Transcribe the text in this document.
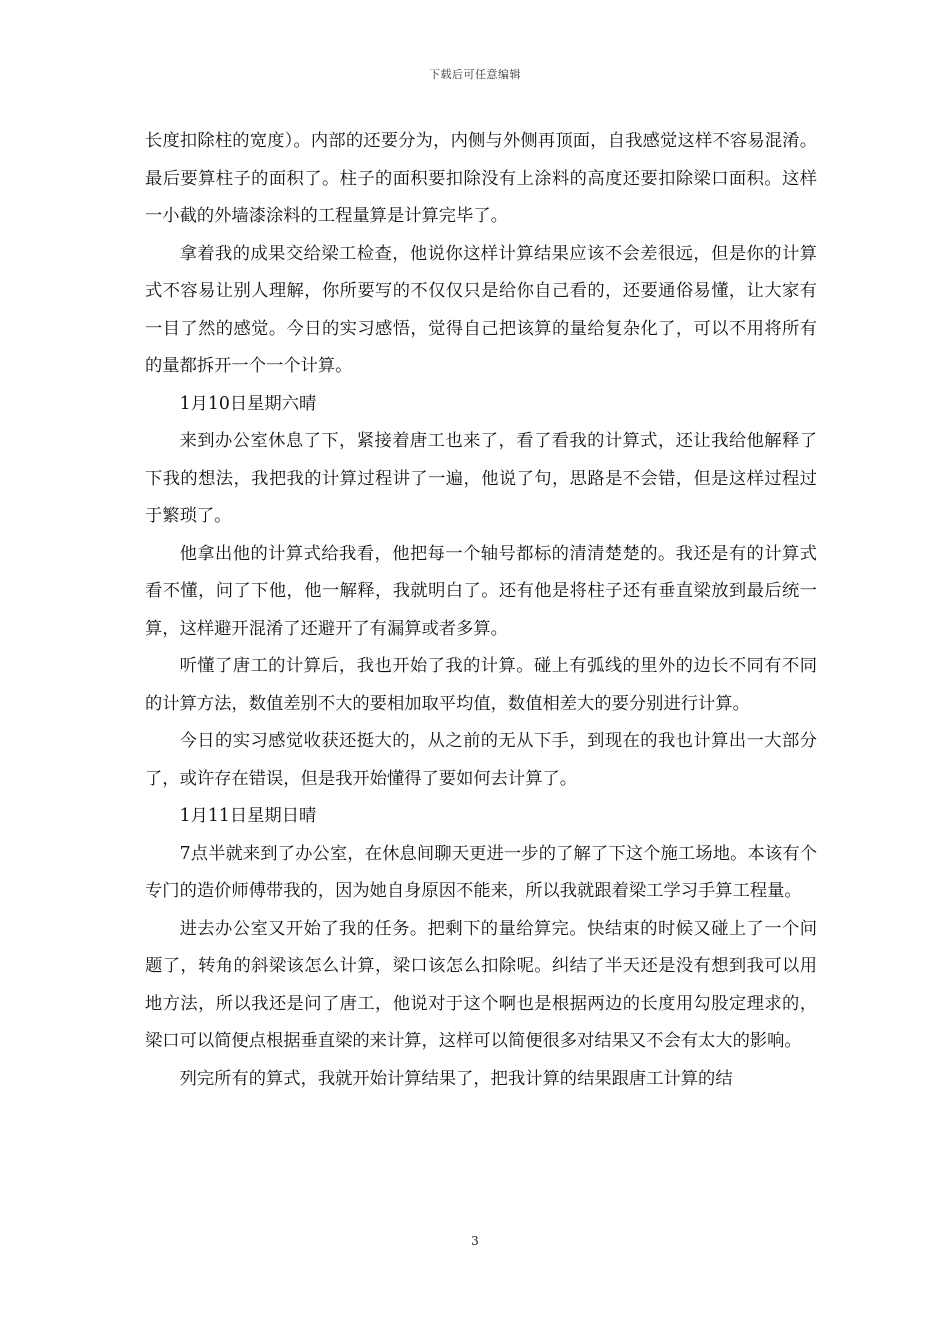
下载后可任意编辑

长度扣除柱的宽度）。内部的还要分为，内侧与外侧再顶面，自我感觉这样不容易混淆。最后要算柱子的面积了。柱子的面积要扣除没有上涂料的高度还要扣除梁口面积。这样一小截的外墙漆涂料的工程量算是计算完毕了。

拿着我的成果交给梁工检查，他说你这样计算结果应该不会差很远，但是你的计算式不容易让别人理解，你所要写的不仅仅只是给你自己看的，还要通俗易懂，让大家有一目了然的感觉。今日的实习感悟，觉得自己把该算的量给复杂化了，可以不用将所有的量都拆开一个一个计算。

1月10日星期六晴

来到办公室休息了下，紧接着唐工也来了，看了看我的计算式，还让我给他解释了下我的想法，我把我的计算过程讲了一遍，他说了句，思路是不会错，但是这样过程过于繁琐了。

他拿出他的计算式给我看，他把每一个轴号都标的清清楚楚的。我还是有的计算式看不懂，问了下他，他一解释，我就明白了。还有他是将柱子还有垂直梁放到最后统一算，这样避开混淆了还避开了有漏算或者多算。

听懂了唐工的计算后，我也开始了我的计算。碰上有弧线的里外的边长不同有不同的计算方法，数值差别不大的要相加取平均值，数值相差大的要分别进行计算。

今日的实习感觉收获还挺大的，从之前的无从下手，到现在的我也计算出一大部分了，或许存在错误，但是我开始懂得了要如何去计算了。

1月11日星期日晴

7点半就来到了办公室，在休息间聊天更进一步的了解了下这个施工场地。本该有个专门的造价师傅带我的，因为她自身原因不能来，所以我就跟着梁工学习手算工程量。

进去办公室又开始了我的任务。把剩下的量给算完。快结束的时候又碰上了一个问题了，转角的斜梁该怎么计算，梁口该怎么扣除呢。纠结了半天还是没有想到我可以用地方法，所以我还是问了唐工，他说对于这个啊也是根据两边的长度用勾股定理求的，梁口可以简便点根据垂直梁的来计算，这样可以简便很多对结果又不会有太大的影响。

列完所有的算式，我就开始计算结果了，把我计算的结果跟唐工计算的结

3
